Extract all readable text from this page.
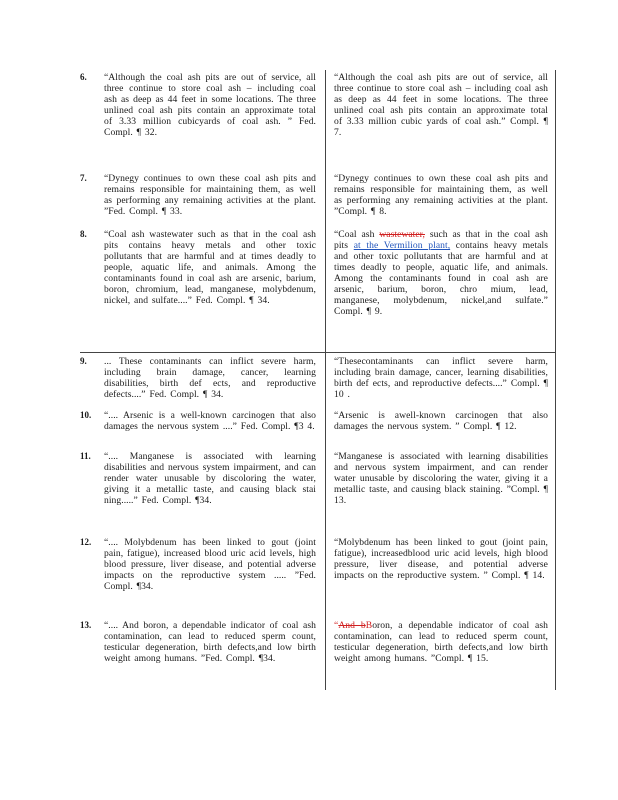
6.	“Although the coal ash pits are out of service, all three continue to store coal ash – including coal ash as deep as 44 feet in some locations. The three unlined coal ash pits contain an approximate total of 3.33 million cubicyards of coal ash. ” Fed. Compl. ¶ 32.
“Although the coal ash pits are out of service, all three continue to store coal ash – including coal ash as deep as 44 feet in some locations. The three unlined coal ash pits contain an approximate total of 3.33 million cubic yards of coal ash.” Compl. ¶ 7.
7.	“Dynegy continues to own these coal ash pits and remains responsible for maintaining them, as well as performing any remaining activities at the plant. ”Fed. Compl. ¶ 33.
“Dynegy continues to own these coal ash pits and remains responsible for maintaining them, as well as performing any remaining activities at the plant. ”Compl. ¶ 8.
8.	“Coal ash wastewater such as that in the coal ash pits contains heavy metals and other toxic pollutants that are harmful and at times deadly to people, aquatic life, and animals. Among the contaminants found in coal ash are arsenic, barium, boron, chromium, lead, manganese, molybdenum, nickel, and sulfate....” Fed. Compl. ¶ 34.
“Coal ash wastewater, such as that in the coal ash pits at the Vermilion plant, contains heavy metals and other toxic pollutants that are harmful and at times deadly to people, aquatic life, and animals. Among the contaminants found in coal ash are arsenic, barium, boron, chro mium, lead, manganese, molybdenum, nickel,and sulfate.” Compl. ¶ 9.
9.	... These contaminants can inflict severe harm, including brain damage, cancer, learning disabilities, birth def ects, and reproductive defects....” Fed. Compl. ¶ 34.
“Thesecontaminants can inflict severe harm, including brain damage, cancer, learning disabilities, birth def ects, and reproductive defects....” Compl. ¶ 10 .
10.	“.... Arsenic is a well-known carcinogen that also damages the nervous system ....” Fed. Compl. ¶3 4.
“Arsenic is awell-known carcinogen that also damages the nervous system. ” Compl. ¶ 12.
11.	“.... Manganese is associated with learning disabilities and nervous system impairment, and can render water unusable by discoloring the water, giving it a metallic taste, and causing black stai ning.....” Fed. Compl. ¶34.
“Manganese is associated with learning disabilities and nervous system impairment, and can render water unusable by discoloring the water, giving it a metallic taste, and causing black staining. ”Compl. ¶ 13.
12.	“.... Molybdenum has been linked to gout (joint pain, fatigue), increased blood uric acid levels, high blood pressure, liver disease, and potential adverse impacts on the reproductive system ..... ”Fed. Compl. ¶34.
“Molybdenum has been linked to gout (joint pain, fatigue), increasedblood uric acid levels, high blood pressure, liver disease, and potential adverse impacts on the reproductive system. ” Compl. ¶ 14.
13.	“.... And boron, a dependable indicator of coal ash contamination, can lead to reduced sperm count, testicular degeneration, birth defects,and low birth weight among humans. ”Fed. Compl. ¶34.
“And bBoron, a dependable indicator of coal ash contamination, can lead to reduced sperm count, testicular degeneration, birth defects,and low birth weight among humans. ”Compl. ¶ 15.
